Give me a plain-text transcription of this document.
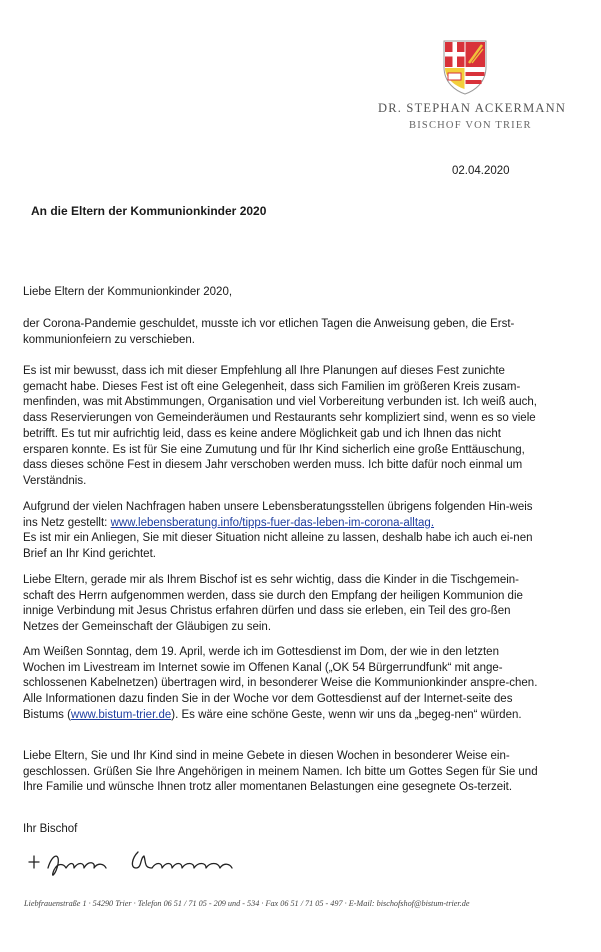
DR. STEPHAN ACKERMANN
BISCHOF VON TRIER
02.04.2020
An die Eltern der Kommunionkinder 2020

Liebe Eltern der Kommunionkinder 2020,

der Corona-Pandemie geschuldet, musste ich vor etlichen Tagen die Anweisung geben, die Erst-kommunionfeiern zu verschieben.

Es ist mir bewusst, dass ich mit dieser Empfehlung all Ihre Planungen auf dieses Fest zunichte gemacht habe. Dieses Fest ist oft eine Gelegenheit, dass sich Familien im größeren Kreis zusam-menfinden, was mit Abstimmungen, Organisation und viel Vorbereitung verbunden ist. Ich weiß auch, dass Reservierungen von Gemeinderäumen und Restaurants sehr kompliziert sind, wenn es so viele betrifft. Es tut mir aufrichtig leid, dass es keine andere Möglichkeit gab und ich Ihnen das nicht ersparen konnte. Es ist für Sie eine Zumutung und für Ihr Kind sicherlich eine große Enttäuschung, dass dieses schöne Fest in diesem Jahr verschoben werden muss. Ich bitte dafür noch einmal um Verständnis.

Aufgrund der vielen Nachfragen haben unsere Lebensberatungsstellen übrigens folgenden Hin-weis ins Netz gestellt: www.lebensberatung.info/tipps-fuer-das-leben-im-corona-alltag.
Es ist mir ein Anliegen, Sie mit dieser Situation nicht alleine zu lassen, deshalb habe ich auch ei-nen Brief an Ihr Kind gerichtet.

Liebe Eltern, gerade mir als Ihrem Bischof ist es sehr wichtig, dass die Kinder in die Tischgemein-schaft des Herrn aufgenommen werden, dass sie durch den Empfang der heiligen Kommunion die innige Verbindung mit Jesus Christus erfahren dürfen und dass sie erleben, ein Teil des gro-ßen Netzes der Gemeinschaft der Gläubigen zu sein.

Am Weißen Sonntag, dem 19. April, werde ich im Gottesdienst im Dom, der wie in den letzten Wochen im Livestream im Internet sowie im Offenen Kanal („OK 54 Bürgerrundfunk“ mit ange-schlossenen Kabelnetzen) übertragen wird, in besonderer Weise die Kommunionkinder anspre-chen. Alle Informationen dazu finden Sie in der Woche vor dem Gottesdienst auf der Internet-seite des Bistums (www.bistum-trier.de). Es wäre eine schöne Geste, wenn wir uns da „begeg-nen“ würden.

Liebe Eltern, Sie und Ihr Kind sind in meine Gebete in diesen Wochen in besonderer Weise ein-geschlossen. Grüßen Sie Ihre Angehörigen in meinem Namen. Ich bitte um Gottes Segen für Sie und Ihre Familie und wünsche Ihnen trotz aller momentanen Belastungen eine gesegnete Os-terzeit.

Ihr Bischof

Liebfrauenstraße 1 · 54290 Trier · Telefon 06 51 / 71 05 - 209 und - 534 · Fax 06 51 / 71 05 - 497 · E-Mail: bischofshof@bistum-trier.de
